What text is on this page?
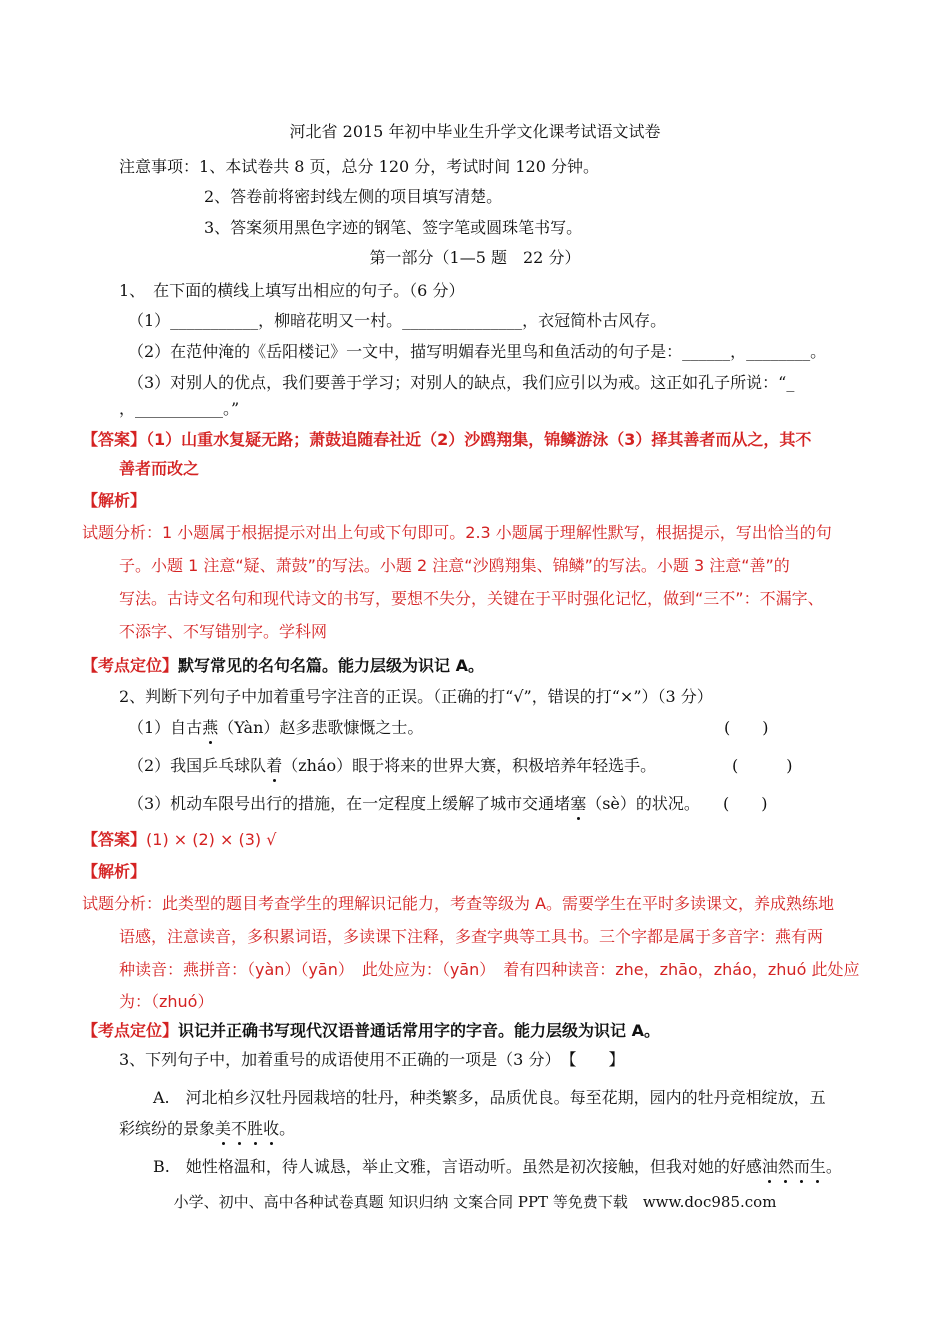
河北省 2015 年初中毕业生升学文化课考试语文试卷
注意事项：1、本试卷共 8 页，总分 120 分，考试时间 120 分钟。
2、答卷前将密封线左侧的项目填写清楚。
3、答案须用黑色字迹的钢笔、签字笔或圆珠笔书写。
第一部分（1—5 题　22 分）
1、　在下面的横线上填写出相应的句子。（6 分）
（1）___________，柳暗花明又一村。_______________，衣冠简朴古风存。
（2）在范仲淹的《岳阳楼记》一文中，描写明媚春光里鸟和鱼活动的句子是：______，________。
（3）对别人的优点，我们要善于学习；对别人的缺点，我们应引以为戒。这正如孔子所说：“_
，___________。”
【答案】（1）山重水复疑无路；萧鼓追随春社近（2）沙鸥翔集，锦鳞游泳（3）择其善者而从之，其不
善者而改之
【解析】
试题分析：1 小题属于根据提示对出上句或下句即可。2.3 小题属于理解性默写，根据提示，写出恰当的句
子。小题 1 注意“疑、萧鼓”的写法。小题 2 注意“沙鸥翔集、锦鳞”的写法。小题 3 注意“善”的
写法。古诗文名句和现代诗文的书写，要想不失分，关键在于平时强化记忆，做到“三不”：不漏字、
不添字、不写错别字。学科网
【考点定位】默写常见的名句名篇。能力层级为识记 A。
2、判断下列句子中加着重号字注音的正误。（正确的打“√”，错误的打“×”）（3 分）
（1）自古燕（Yàn）赵多悲歌慷慨之士。	(　　)
（2）我国乒乓球队着（zháo）眼于将来的世界大赛，积极培养年轻选手。	(　　　)
（3）机动车限号出行的措施，在一定程度上缓解了城市交通堵塞（sè）的状况。 (　　)
【答案】(1) × (2) × (3) √
【解析】
试题分析：此类型的题目考查学生的理解识记能力，考查等级为 A。需要学生在平时多读课文，养成熟练地
语感，注意读音，多积累词语，多读课下注释，多查字典等工具书。三个字都是属于多音字：燕有两
种读音：燕拼音：（yàn）（yān）　此处应为：（yān）　着有四种读音：zhe，zhāo，zháo，zhuó 此处应
为：（zhuó）
【考点定位】识记并正确书写现代汉语普通话常用字的字音。能力层级为识记 A。
3、下列句子中，加着重号的成语使用不正确的一项是（3 分）　【　　】
A.　河北柏乡汉牡丹园栽培的牡丹，种类繁多，品质优良。每至花期，园内的牡丹竞相绽放，五
彩缤纷的景象美不胜收。
B.　她性格温和，待人诚恳，举止文雅，言语动听。虽然是初次接触，但我对她的好感油然而生。
小学、初中、高中各种试卷真题 知识归纳 文案合同 PPT 等免费下载　www.doc985.com
